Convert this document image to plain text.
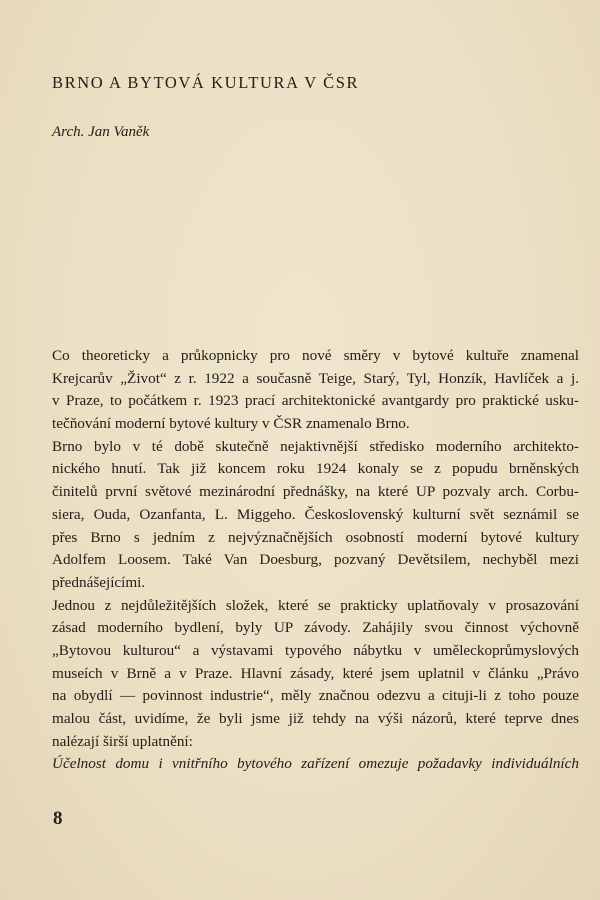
BRNO A BYTOVÁ KULTURA V ČSR
Arch. Jan Vaněk
Co theoreticky a průkopnicky pro nové směry v bytové kultuře znamenal
Krejcarův „Život“ z r. 1922 a současně Teige, Starý, Tyl, Honzík, Havlíček a j.
v Praze, to počátkem r. 1923 prací architektonické avantgardy pro praktické usku-
tečňování moderní bytové kultury v ČSR znamenalo Brno.
Brno bylo v té době skutečně nejaktivnější středisko moderního architekto-
nického hnutí. Tak již koncem roku 1924 konaly se z popudu brněnských
činitelů první světové mezinárodní přednášky, na které UP pozvaly arch. Corbu-
siera, Ouda, Ozanfanta, L. Miggeho. Československý kulturní svět seznámil se
přes Brno s jedním z nejvýznačnějších osobností moderní bytové kultury
Adolfem Loosem. Také Van Doesburg, pozvaný Devětsilem, nechyběl mezi
přednášejícími.
Jednou z nejdůležitějších složek, které se prakticky uplatňovaly v prosazování
zásad moderního bydlení, byly UP závody. Zahájily svou činnost výchovně
„Bytovou kulturou“ a výstavami typového nábytku v uměleckoprůmyslových
museích v Brně a v Praze. Hlavní zásady, které jsem uplatnil v článku „Právo
na obydlí — povinnost industrie“, měly značnou odezvu a cituji-li z toho pouze
malou část, uvidíme, že byli jsme již tehdy na výši názorů, které teprve dnes
nalézají širší uplatnění:
Účelnost domu i vnitřního bytového zařízení omezuje požadavky individuálních
8
